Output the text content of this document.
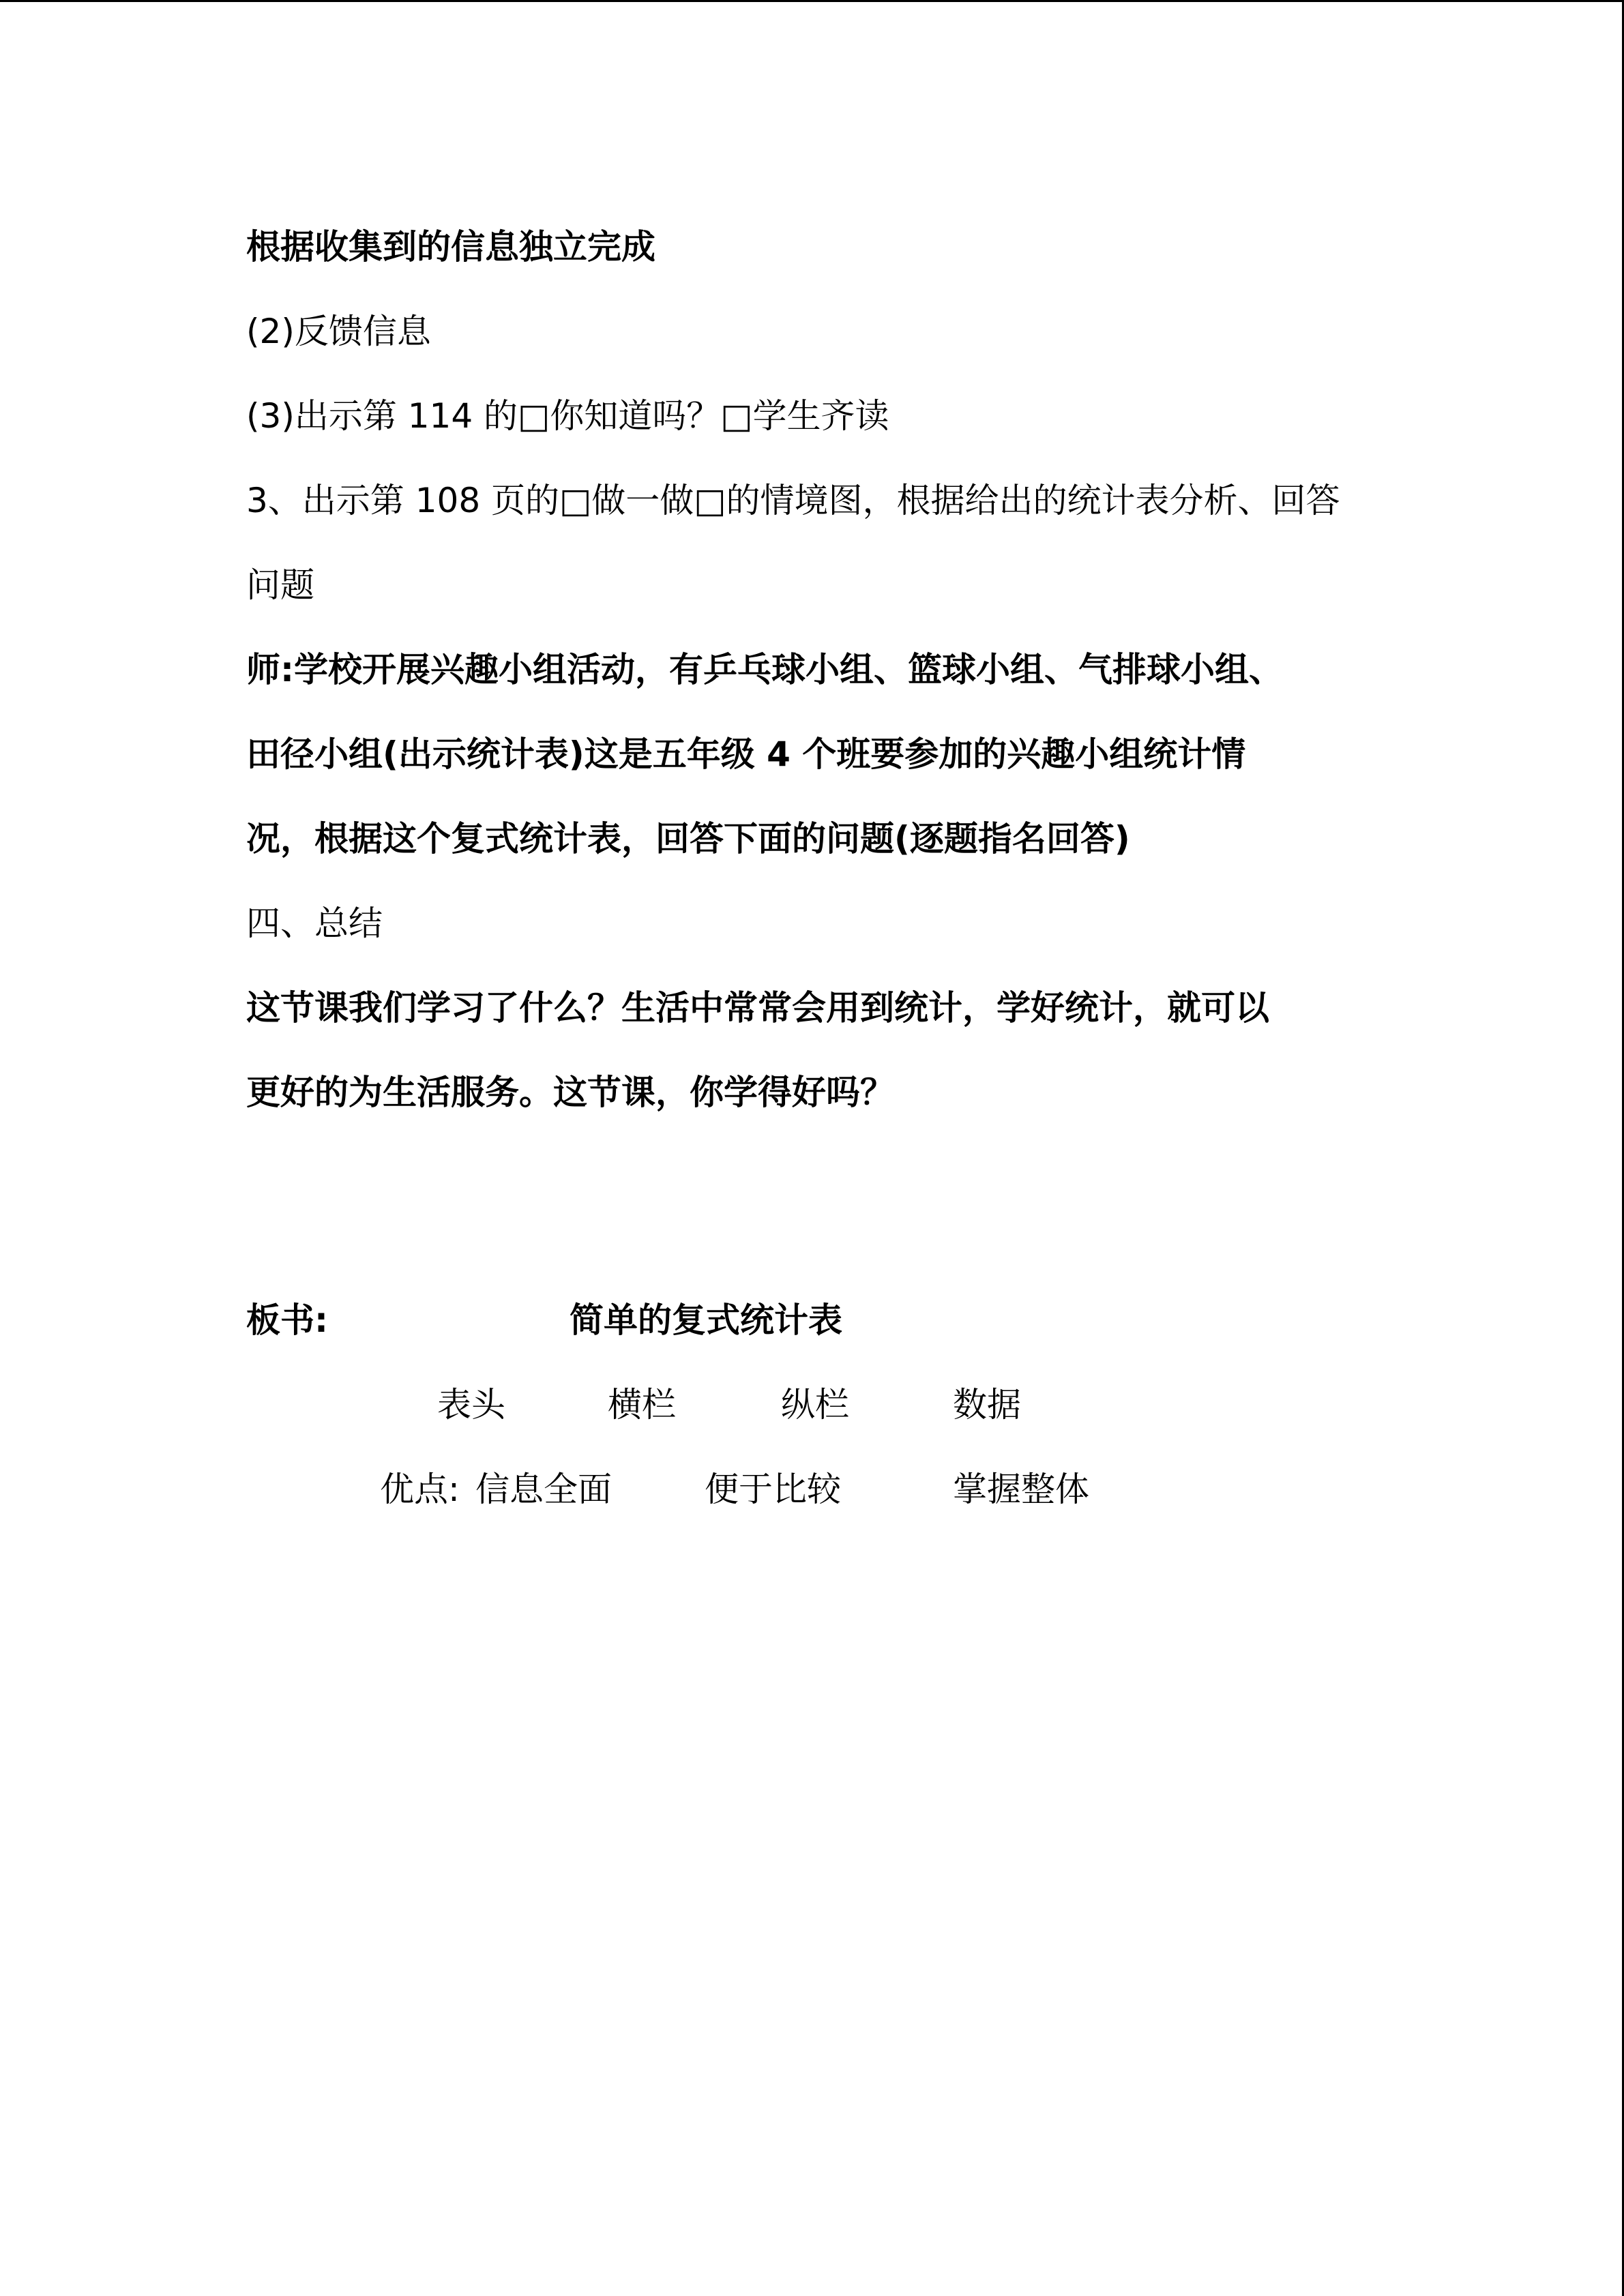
根据收集到的信息独立完成
(2)反馈信息
(3)出示第 114 的□你知道吗？□学生齐读
3、出示第 108 页的□做一做□的情境图，根据给出的统计表分析、回答
问题
师:学校开展兴趣小组活动，有乒乓球小组、篮球小组、气排球小组、
田径小组(出示统计表)这是五年级 4 个班要参加的兴趣小组统计情
况，根据这个复式统计表，回答下面的问题(逐题指名回答)
四、总结
这节课我们学习了什么？生活中常常会用到统计，学好统计，就可以
更好的为生活服务。这节课，你学得好吗？
板书:	简单的复式统计表
表头	横栏	纵栏	数据
优点: 信息全面	便于比较	掌握整体
